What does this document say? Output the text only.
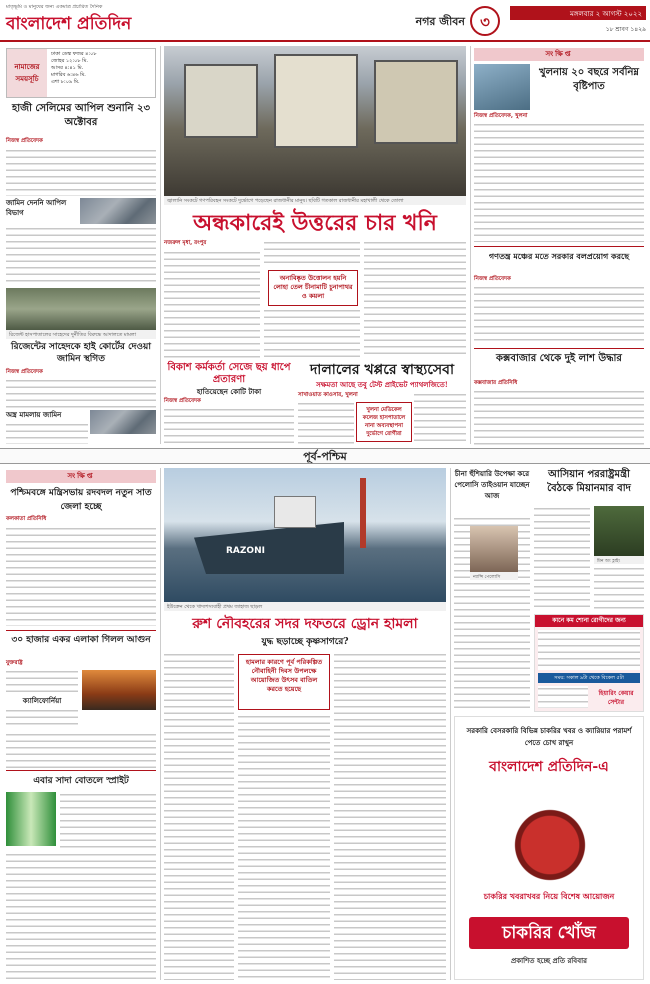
মাতৃভূমি ও মানুষের জন্য একমাত্র প্রচারিত দৈনিক
বাংলাদেশ প্রতিদিন	নগর জীবন	৩	মঙ্গলবার ২ আগস্ট ২০২২
১৮ শ্রাবণ ১৪২৯
নামাজের সময়সূচি
ঢাকা ডেস্ক ফজর ৪:০৮
জোহর ১২:০৮ মি.
আসর ৪:৪১ মি.
মাগরিব ৬:৪৬ মি.
এশা ৮:০৯ মি.
হাজী সেলিমের আপিল শুনানি ২৩ অক্টোবর
নিজস্ব প্রতিবেদক
জামিন দেননি আপিল বিভাগ
রিজেন্ট হাসপাতালের সাহেদের দুর্নীতির বিরুদ্ধে আদালতে মামলা
রিজেন্টের সাহেদকে হাই কোর্টের দেওয়া জামিন স্থগিত
নিজস্ব প্রতিবেদক
অস্ত্র মামলায় জামিন
জ্বালানি সংকটে গণপরিবহন সংকটে দুর্ভোগে পড়েছেন রাজধানীর মানুষ। ছবিটি গতকাল রাজধানীর মহাখালী থেকে তোলা
অন্ধকারেই উত্তরের চার খনি
নজরুল মৃধা, রংপুর
অনাবিষ্কৃত উত্তোলন হয়নি লোহা তেল চীনামাটি চুনাপাথর ও কয়লা
বিকাশ কর্মকর্তা সেজে ছয় ধাপে প্রতারণা
হাতিয়েছেন কোটি টাকা
নিজস্ব প্রতিবেদক
দালালের খপ্পরে স্বাস্থ্যসেবা
সক্ষমতা আছে তবু টেস্ট প্রাইভেট প্যাথলজিতে!
সাখাওয়াত কাওসার, খুলনা
খুলনা মেডিকেল কলেজ হাসপাতালে নানা অব্যবস্থাপনা দুর্ভোগে রোগীরা
সংক্ষিপ্ত
খুলনায় ২০ বছরে সর্বনিম্ন বৃষ্টিপাত
নিজস্ব প্রতিবেদক, খুলনা
গণতন্ত্র মঞ্চের মতে সরকার বলপ্রয়োগ করছে
নিজস্ব প্রতিবেদক
কক্সবাজার থেকে দুই লাশ উদ্ধার
কক্সবাজার প্রতিনিধি
পূর্ব-পশ্চিম
সংক্ষিপ্ত
পশ্চিমবঙ্গে মন্ত্রিসভায় রদবদল নতুন সাত জেলা হচ্ছে
কলকাতা প্রতিনিধি
৩০ হাজার একর এলাকা গিলল আগুন
যুক্তরাষ্ট্র
ক্যালিফোর্নিয়া
এবার সাদা বোতলে স্প্রাইট
RAZONI
ইউক্রেন থেকে খাদ্যশস্যবাহী প্রথম জাহাজ ছাড়ল
রুশ নৌবহরের সদর দফতরে ড্রোন হামলা
যুদ্ধ ছড়াচ্ছে কৃষ্ণসাগরে?
হামলার কারণে পূর্ব পরিকল্পিত নৌবাহিনী দিবস উপলক্ষে আয়োজিত উৎসব বাতিল করতে হয়েছে
চীনা হুঁশিয়ারি উপেক্ষা করে পেলোসি তাইওয়ান যাচ্ছেন আজ
ন্যান্সি পেলোসি
আসিয়ান পররাষ্ট্রমন্ত্রী বৈঠকে মিয়ানমার বাদ
মিন অং হ্লাইং
কানে কম শোনা রোগীদের জন্য
সময়: সকাল ৯টা থেকে বিকেল ৫টা
হিয়ারিং কেয়ার সেন্টার
সরকারি বেসরকারি বিভিন্ন চাকরির খবর ও ক্যারিয়ার পরামর্শ পেতে চোখ রাখুন
বাংলাদেশ প্রতিদিন-এ
চাকরির খবরাখবর নিয়ে বিশেষ আয়োজন
চাকরির খোঁজ
প্রকাশিত হচ্ছে প্রতি রবিবার
